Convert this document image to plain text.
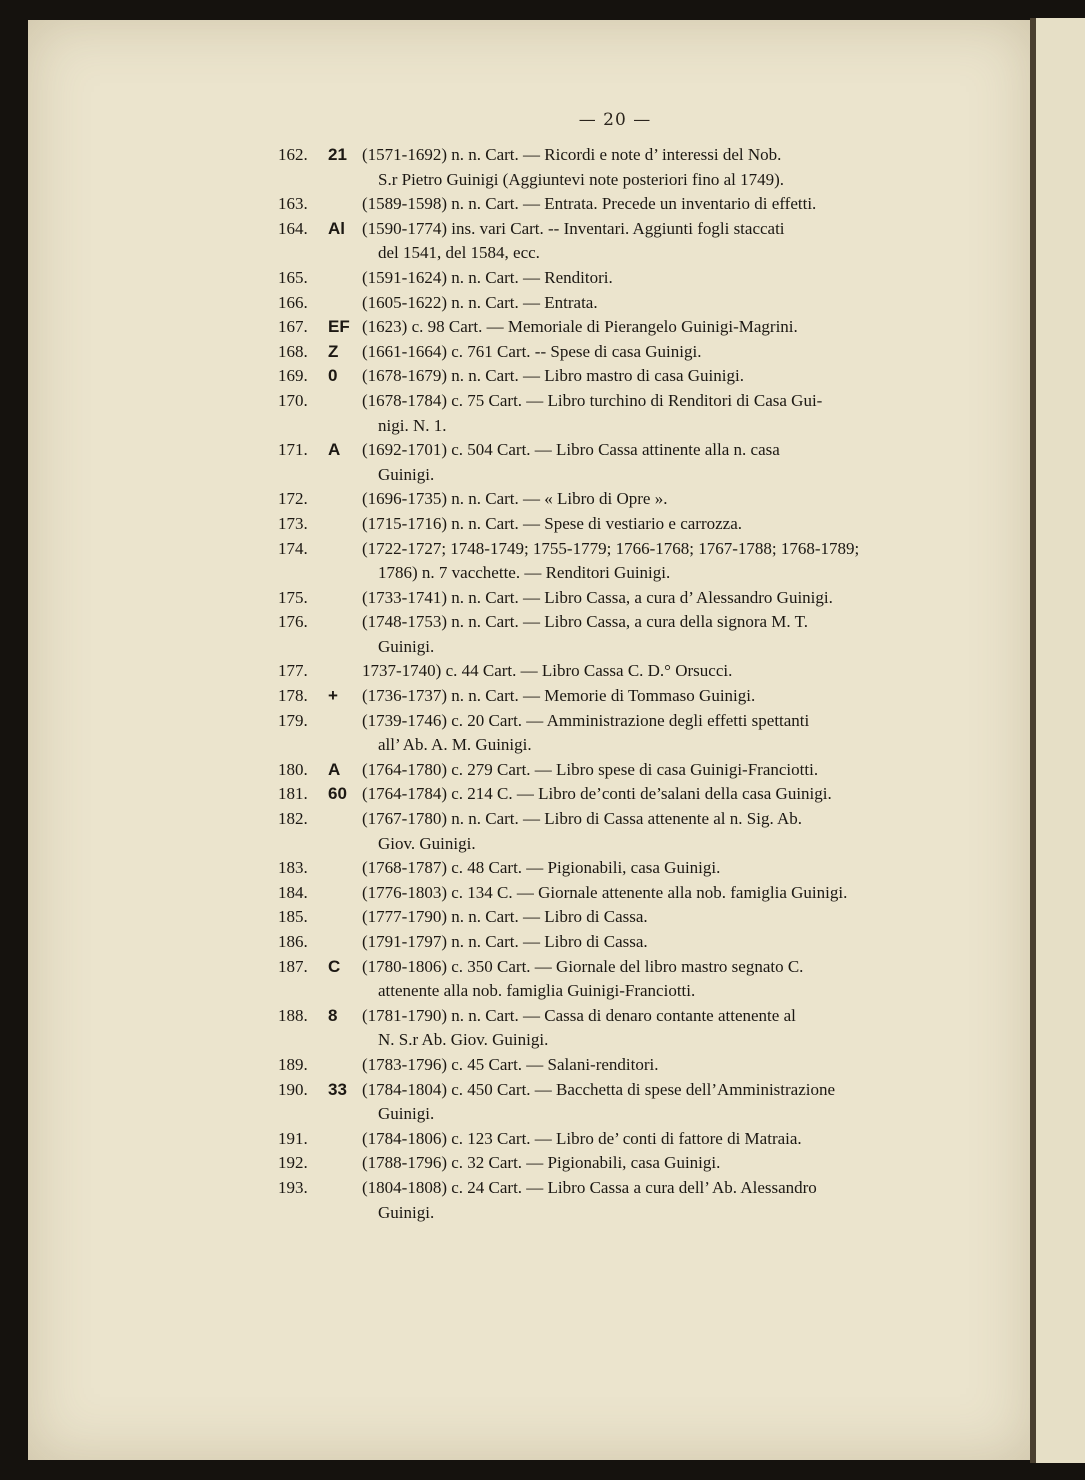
— 20 —
162.	21 (1571-1692) n. n. Cart. — Ricordi e note d’ interessi del Nob.
S.r Pietro Guinigi (Aggiuntevi note posteriori fino al 1749).
163.	(1589-1598) n. n. Cart. — Entrata. Precede un inventario di effetti.
164.	Al	(1590-1774) ins. vari Cart. -- Inventari. Aggiunti fogli staccati
del 1541, del 1584, ecc.
165.	(1591-1624) n. n. Cart. — Renditori.
166.	(1605-1622) n. n. Cart. — Entrata.
167.	EF (1623) c. 98 Cart. — Memoriale di Pierangelo Guinigi-Magrini.
168.	Z	(1661-1664) c. 761 Cart. -- Spese di casa Guinigi.
169.	0	(1678-1679) n. n. Cart. — Libro mastro di casa Guinigi.
170.	(1678-1784) c. 75 Cart. — Libro turchino di Renditori di Casa Gui-
nigi. N. 1.
171.	A	(1692-1701) c. 504 Cart. — Libro Cassa attinente alla n. casa
Guinigi.
172.	(1696-1735) n. n. Cart. — « Libro di Opre ».
173.	(1715-1716) n. n. Cart. — Spese di vestiario e carrozza.
174.	(1722-1727; 1748-1749; 1755-1779; 1766-1768; 1767-1788; 1768-1789;
1786) n. 7 vacchette. — Renditori Guinigi.
175.	(1733-1741) n. n. Cart. — Libro Cassa, a cura d’ Alessandro Guinigi.
176.	(1748-1753) n. n. Cart. — Libro Cassa, a cura della signora M. T.
Guinigi.
177.	1737-1740) c. 44 Cart. — Libro Cassa C. D.° Orsucci.
178.	+	(1736-1737) n. n. Cart. — Memorie di Tommaso Guinigi.
179.	(1739-1746) c. 20 Cart. — Amministrazione degli effetti spettanti
all’ Ab. A. M. Guinigi.
180.	A	(1764-1780) c. 279 Cart. — Libro spese di casa Guinigi-Franciotti.
181.	60 (1764-1784) c. 214 C. — Libro de’conti de’salani della casa Guinigi.
182.	(1767-1780) n. n. Cart. — Libro di Cassa attenente al n. Sig. Ab.
Giov. Guinigi.
183.	(1768-1787) c. 48 Cart. — Pigionabili, casa Guinigi.
184.	(1776-1803) c. 134 C. — Giornale attenente alla nob. famiglia Guinigi.
185.	(1777-1790) n. n. Cart. — Libro di Cassa.
186.	(1791-1797) n. n. Cart. — Libro di Cassa.
187.	C	(1780-1806) c. 350 Cart. — Giornale del libro mastro segnato C.
attenente alla nob. famiglia Guinigi-Franciotti.
188.	8	(1781-1790) n. n. Cart. — Cassa di denaro contante attenente al
N. S.r Ab. Giov. Guinigi.
189.	(1783-1796) c. 45 Cart. — Salani-renditori.
190.	33 (1784-1804) c. 450 Cart. — Bacchetta di spese dell’Amministrazione
Guinigi.
191.	(1784-1806) c. 123 Cart. — Libro de’ conti di fattore di Matraia.
192.	(1788-1796) c. 32 Cart. — Pigionabili, casa Guinigi.
193.	(1804-1808) c. 24 Cart. — Libro Cassa a cura dell’ Ab. Alessandro
Guinigi.
